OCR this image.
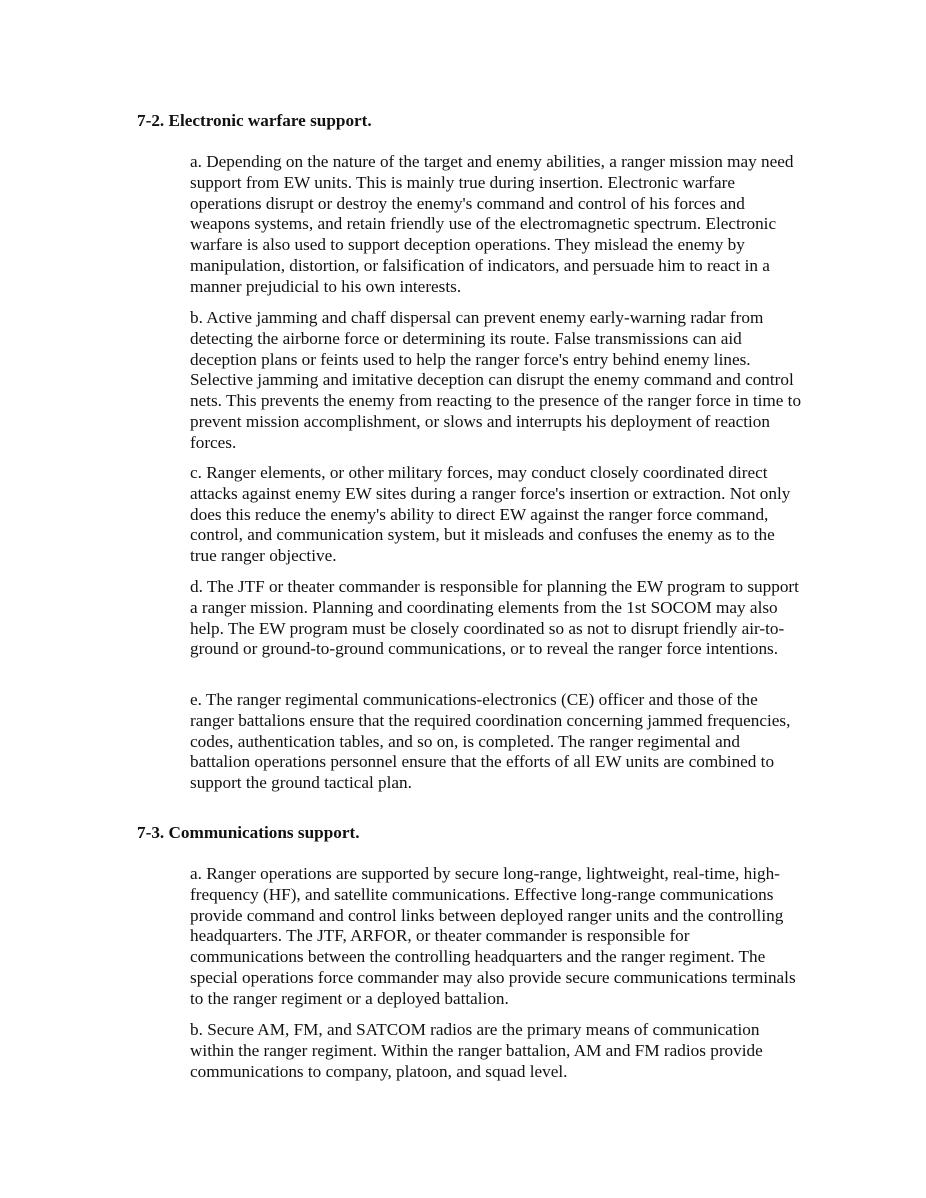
7-2. Electronic warfare support.

a. Depending on the nature of the target and enemy abilities, a ranger mission may need support from EW units. This is mainly true during insertion. Electronic warfare operations disrupt or destroy the enemy's command and control of his forces and weapons systems, and retain friendly use of the electromagnetic spectrum. Electronic warfare is also used to support deception operations. They mislead the enemy by manipulation, distortion, or falsification of indicators, and persuade him to react in a manner prejudicial to his own interests.

b. Active jamming and chaff dispersal can prevent enemy early-warning radar from detecting the airborne force or determining its route. False transmissions can aid deception plans or feints used to help the ranger force's entry behind enemy lines. Selective jamming and imitative deception can disrupt the enemy command and control nets. This prevents the enemy from reacting to the presence of the ranger force in time to prevent mission accomplishment, or slows and interrupts his deployment of reaction forces.

c. Ranger elements, or other military forces, may conduct closely coordinated direct attacks against enemy EW sites during a ranger force's insertion or extraction. Not only does this reduce the enemy's ability to direct EW against the ranger force command, control, and communication system, but it misleads and confuses the enemy as to the true ranger objective.

d. The JTF or theater commander is responsible for planning the EW program to support a ranger mission. Planning and coordinating elements from the 1st SOCOM may also help. The EW program must be closely coordinated so as not to disrupt friendly air-to-ground or ground-to-ground communications, or to reveal the ranger force intentions.

e. The ranger regimental communications-electronics (CE) officer and those of the ranger battalions ensure that the required coordination concerning jammed frequencies, codes, authentication tables, and so on, is completed. The ranger regimental and battalion operations personnel ensure that the efforts of all EW units are combined to support the ground tactical plan.

7-3. Communications support.

a. Ranger operations are supported by secure long-range, lightweight, real-time, high-frequency (HF), and satellite communications. Effective long-range communications provide command and control links between deployed ranger units and the controlling headquarters. The JTF, ARFOR, or theater commander is responsible for communications between the controlling headquarters and the ranger regiment. The special operations force commander may also provide secure communications terminals to the ranger regiment or a deployed battalion.

b. Secure AM, FM, and SATCOM radios are the primary means of communication within the ranger regiment. Within the ranger battalion, AM and FM radios provide communications to company, platoon, and squad level.
